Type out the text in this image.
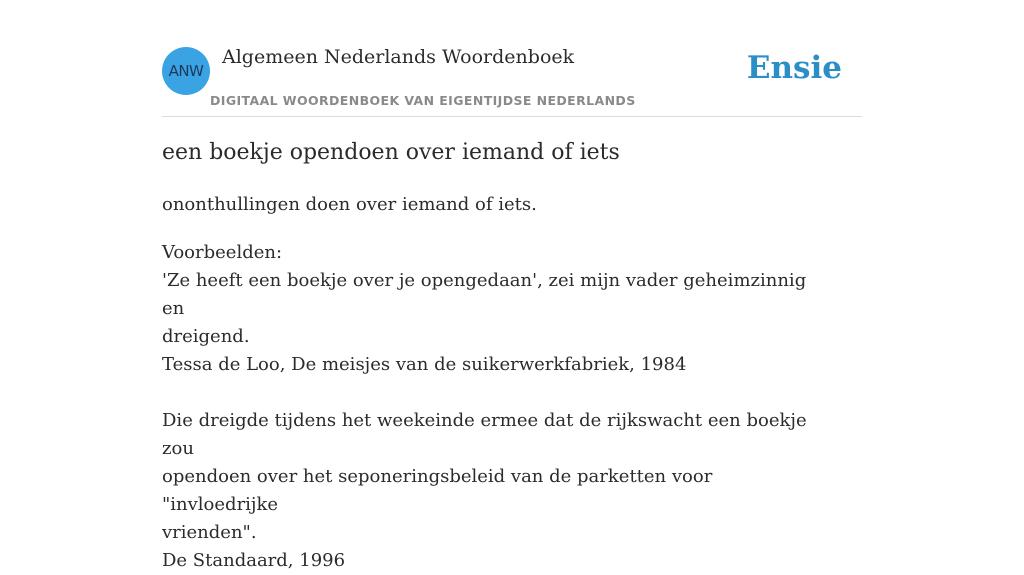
ANW
Algemeen Nederlands Woordenboek
DIGITAAL WOORDENBOEK VAN EIGENTIJDSE NEDERLANDS
Ensie
een boekje opendoen over iemand of iets
ononthullingen doen over iemand of iets.
Voorbeelden:
'Ze heeft een boekje over je opengedaan', zei mijn vader geheimzinnig en
dreigend.
Tessa de Loo, De meisjes van de suikerwerkfabriek, 1984
Die dreigde tijdens het weekeinde ermee dat de rijkswacht een boekje zou
opendoen over het seponeringsbeleid van de parketten voor "invloedrijke
vrienden".
De Standaard, 1996
